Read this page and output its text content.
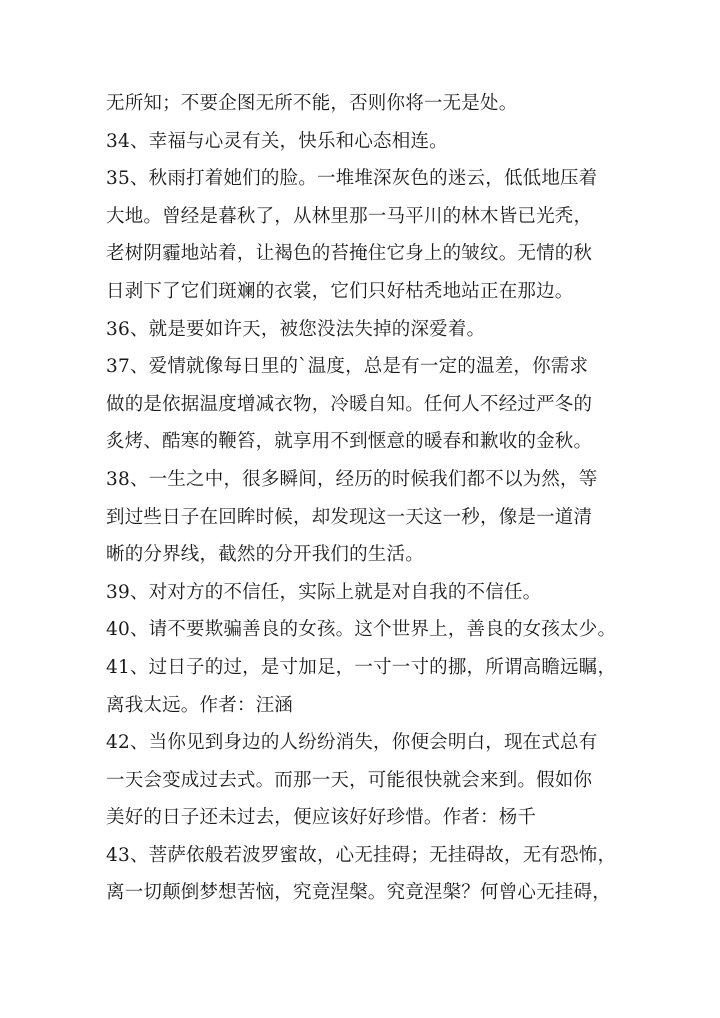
无所知；不要企图无所不能，否则你将一无是处。
34、幸福与心灵有关，快乐和心态相连。
35、秋雨打着她们的脸。一堆堆深灰色的迷云，低低地压着
大地。曾经是暮秋了，从林里那一马平川的林木皆已光秃，
老树阴霾地站着，让褐色的苔掩住它身上的皱纹。无情的秋
日剥下了它们斑斓的衣裳，它们只好枯秃地站正在那边。
36、就是要如许天，被您没法失掉的深爱着。
37、爱情就像每日里的`温度，总是有一定的温差，你需求
做的是依据温度增减衣物，冷暖自知。任何人不经过严冬的
炙烤、酷寒的鞭笞，就享用不到惬意的暖春和歉收的金秋。
38、一生之中，很多瞬间，经历的时候我们都不以为然，等
到过些日子在回眸时候，却发现这一天这一秒，像是一道清
晰的分界线，截然的分开我们的生活。
39、对对方的不信任，实际上就是对自我的不信任。
40、请不要欺骗善良的女孩。这个世界上，善良的女孩太少。
41、过日子的过，是寸加足，一寸一寸的挪，所谓高瞻远瞩，
离我太远。作者：汪涵
42、当你见到身边的人纷纷消失，你便会明白，现在式总有
一天会变成过去式。而那一天，可能很快就会来到。假如你
美好的日子还未过去，便应该好好珍惜。作者：杨千
43、菩萨依般若波罗蜜故，心无挂碍；无挂碍故，无有恐怖，
离一切颠倒梦想苦恼，究竟涅槃。究竟涅槃？何曾心无挂碍，
